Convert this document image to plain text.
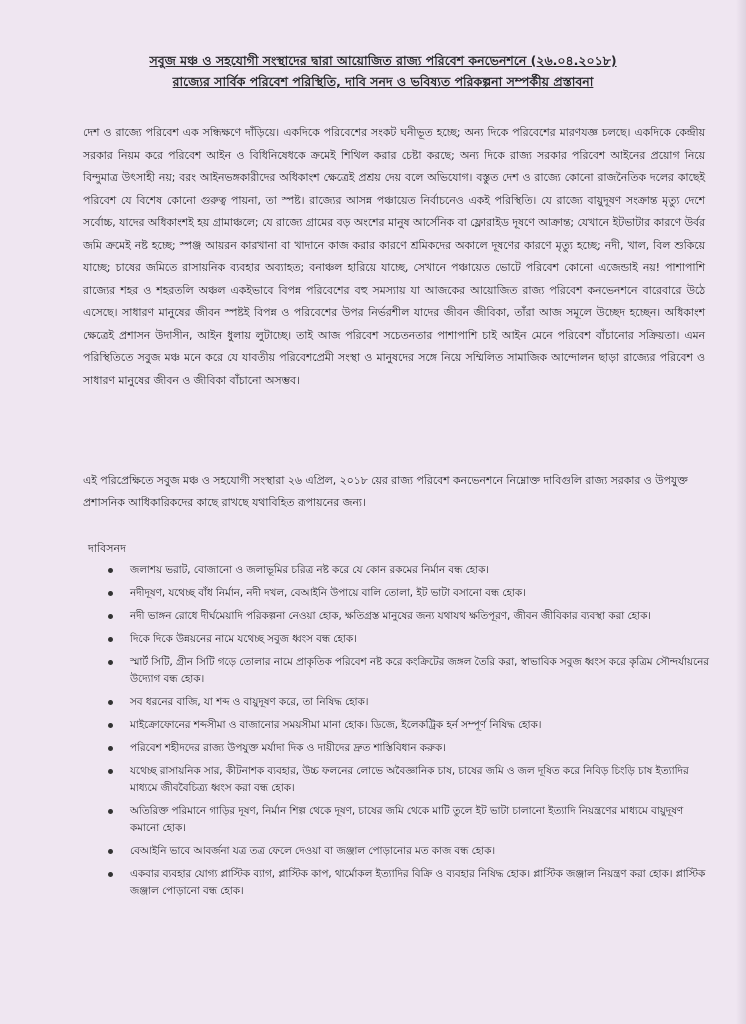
সবুজ মঞ্চ ও সহযোগী সংস্থাদের দ্বারা আয়োজিত রাজ্য পরিবেশ কনভেনশনে (২৬.০৪.২০১৮)
রাজ্যের সার্বিক পরিবেশ পরিস্থিতি, দাবি সনদ ও ভবিষ্যত পরিকল্পনা সম্পর্কীয় প্রস্তাবনা

দেশ ও রাজ্যে পরিবেশ এক সন্ধিক্ষণে দাঁড়িয়ে। একদিকে পরিবেশের সংকট ঘনীভূত হচ্ছে; অন্য দিকে পরিবেশের মারণযজ্ঞ চলছে। একদিকে কেন্দ্রীয় সরকার নিয়ম করে পরিবেশ আইন ও বিধিনিষেধকে ক্রমেই শিথিল করার চেষ্টা করছে; অন্য দিকে রাজ্য সরকার পরিবেশ আইনের প্রয়োগ নিয়ে বিন্দুমাত্র উৎসাহী নয়; বরং আইনভঙ্গকারীদের অধিকাংশ ক্ষেত্রেই প্রশ্রয় দেয় বলে অভিযোগ। বস্তুত দেশ ও রাজ্যে কোনো রাজনৈতিক দলের কাছেই পরিবেশ যে বিশেষ কোনো গুরুত্ব পায়না, তা স্পষ্ট। রাজ্যের আসন্ন পঞ্চায়েত নির্বাচনেও একই পরিস্থিতি। যে রাজ্যে বায়ুদূষণ সংক্রান্ত মৃত্যু দেশে সর্বোচ্চ, যাদের অধিকাংশই হয় গ্রামাঞ্চলে; যে রাজ্যে গ্রামের বড় অংশের মানুষ আর্সেনিক বা ফ্লোরাইড দূষণে আক্রান্ত; যেখানে ইটভাটার কারণে উর্বর জমি ক্রমেই নষ্ট হচ্ছে; স্পঞ্জ আয়রন কারখানা বা খাদানে কাজ করার কারণে শ্রমিকদের অকালে দূষণের কারণে মৃত্যু হচ্ছে; নদী, খাল, বিল শুকিয়ে যাচ্ছে; চাষের জমিতে রাসায়নিক ব্যবহার অব্যাহত; বনাঞ্চল হারিয়ে যাচ্ছে, সেখানে পঞ্চায়েত ভোটে পরিবেশ কোনো এজেন্ডাই নয়! পাশাপাশি রাজ্যের শহর ও শহরতলি অঞ্চল একইভাবে বিপন্ন পরিবেশের বহু সমস্যায় যা আজকের আয়োজিত রাজ্য পরিবেশ কনভেনশনে বারেবারে উঠে এসেছে। সাধারণ মানুষের জীবন স্পষ্টই বিপন্ন ও পরিবেশের উপর নির্ভরশীল যাদের জীবন জীবিকা, তাঁরা আজ সমূলে উচ্ছেদ হচ্ছেন। অধিকাংশ ক্ষেত্রেই প্রশাসন উদাসীন, আইন ধুলায় লুটাচ্ছে। তাই আজ পরিবেশ সচেতনতার পাশাপাশি চাই আইন মেনে পরিবেশ বাঁচানোর সক্রিয়তা। এমন পরিস্থিতিতে সবুজ মঞ্চ মনে করে যে যাবতীয় পরিবেশপ্রেমী সংস্থা ও মানুষদের সঙ্গে নিয়ে সম্মিলিত সামাজিক আন্দোলন ছাড়া রাজ্যের পরিবেশ ও সাধারণ মানুষের জীবন ও জীবিকা বাঁচানো অসম্ভব।

এই পরিপ্রেক্ষিতে সবুজ মঞ্চ ও সহযোগী সংস্থারা ২৬ এপ্রিল, ২০১৮ য়ের রাজ্য পরিবেশ কনভেনশনে নিম্নোক্ত দাবিগুলি রাজ্য সরকার ও উপযুক্ত প্রশাসনিক আধিকারিকদের কাছে রাখছে যথাবিহিত রূপায়নের জন্য।

দাবিসনদ

জলাশয় ভরাট, বোজানো ও জলাভূমির চরিত্র নষ্ট করে যে কোন রকমের নির্মান বন্ধ হোক।
নদীদূষণ, যথেচ্ছ বাঁধ নির্মান, নদী দখল, বেআইনি উপায়ে বালি তোলা, ইট ভাটা বসানো বন্ধ হোক।
নদী ভাঙ্গন রোধে দীর্ঘমেয়াদি পরিকল্পনা নেওয়া হোক, ক্ষতিগ্রস্ত মানুষের জন্য যথাযথ ক্ষতিপূরণ, জীবন জীবিকার ব্যবস্থা করা হোক।
দিকে দিকে উন্নয়নের নামে যথেচ্ছ সবুজ ধ্বংস বন্ধ হোক।
স্মার্ট সিটি, গ্রীন সিটি গড়ে তোলার নামে প্রাকৃতিক পরিবেশ নষ্ট করে কংক্রিটের জঙ্গল তৈরি করা, স্বাভাবিক সবুজ ধ্বংস করে কৃত্রিম সৌন্দর্যায়নের উদ্যোগ বন্ধ হোক।
সব ধরনের বাজি, যা শব্দ ও বায়ুদূষণ করে, তা নিষিদ্ধ হোক।
মাইক্রোফোনের শব্দসীমা ও বাজানোর সময়সীমা মানা হোক। ডিজে, ইলেকট্রিক হর্ন সম্পূর্ণ নিষিদ্ধ হোক।
পরিবেশ শহীদদের রাজ্য উপযুক্ত মর্যাদা দিক ও দায়ীদের দ্রুত শাস্তিবিধান করুক।
যথেচ্ছ রাসায়নিক সার, কীটনাশক ব্যবহার, উচ্চ ফলনের লোভে অবৈজ্ঞানিক চাষ, চাষের জমি ও জল দূষিত করে নিবিড় চিংড়ি চাষ ইত্যাদির মাধ্যমে জীববৈচিত্র্য ধ্বংস করা বন্ধ হোক।
অতিরিক্ত পরিমানে গাড়ির দূষণ, নির্মান শিল্প থেকে দূষণ, চাষের জমি থেকে মাটি তুলে ইট ভাটা চালানো ইত্যাদি নিয়ন্ত্রণের মাধ্যমে বায়ুদূষণ কমানো হোক।
বেআইনি ভাবে আবর্জনা যত্র তত্র ফেলে দেওয়া বা জঞ্জাল পোড়ানোর মত কাজ বন্ধ হোক।
একবার ব্যবহার যোগ্য প্লাস্টিক ব্যাগ, প্লাস্টিক কাপ, থার্মোকল ইত্যাদির বিক্রি ও ব্যবহার নিষিদ্ধ হোক। প্লাস্টিক জঞ্জাল নিয়ন্ত্রণ করা হোক। প্লাস্টিক জঞ্জাল পোড়ানো বন্ধ হোক।
